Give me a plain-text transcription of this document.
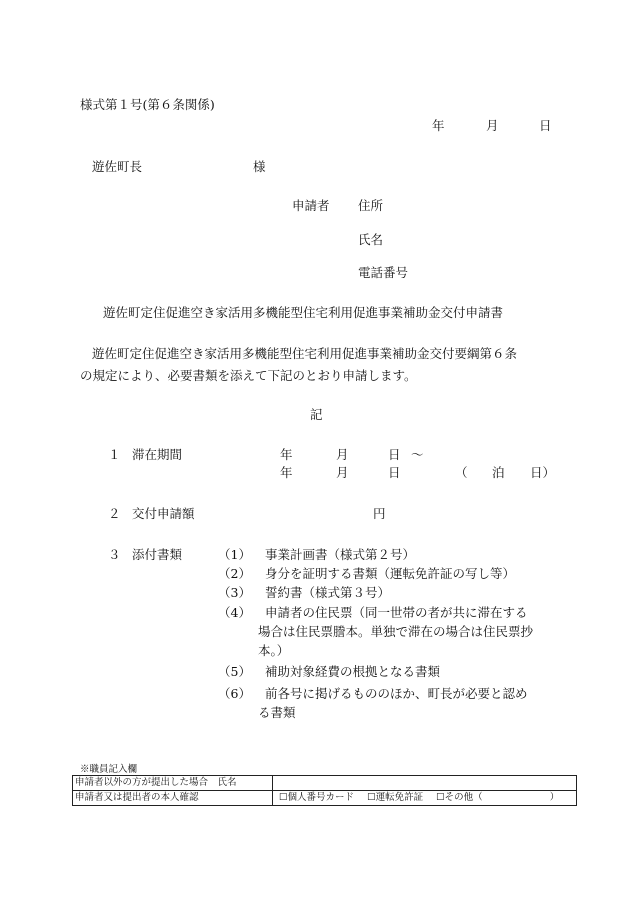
様式第１号(第６条関係)
年	月	日
遊佐町長	様
申請者 住所
氏名
電話番号
遊佐町定住促進空き家活用多機能型住宅利用促進事業補助金交付申請書
遊佐町定住促進空き家活用多機能型住宅利用促進事業補助金交付要綱第６条
の規定により、必要書類を添えて下記のとおり申請します。
記
１ 滞在期間	年	月	日 ～
年	月	日	（ 泊 日）
２ 交付申請額	円
３ 添付書類	（1） 事業計画書（様式第２号）
（2） 身分を証明する書類（運転免許証の写し等）
（3） 誓約書（様式第３号）
（4） 申請者の住民票（同一世帯の者が共に滞在する
場合は住民票謄本。単独で滞在の場合は住民票抄
本。）
（5） 補助対象経費の根拠となる書類
（6） 前各号に掲げるもののほか、町長が必要と認め
る書類
※職員記入欄
申請者以外の方が提出した場合　氏名	
申請者又は提出者の本人確認	☐個人番号カード ☐運転免許証 ☐その他（ ）
